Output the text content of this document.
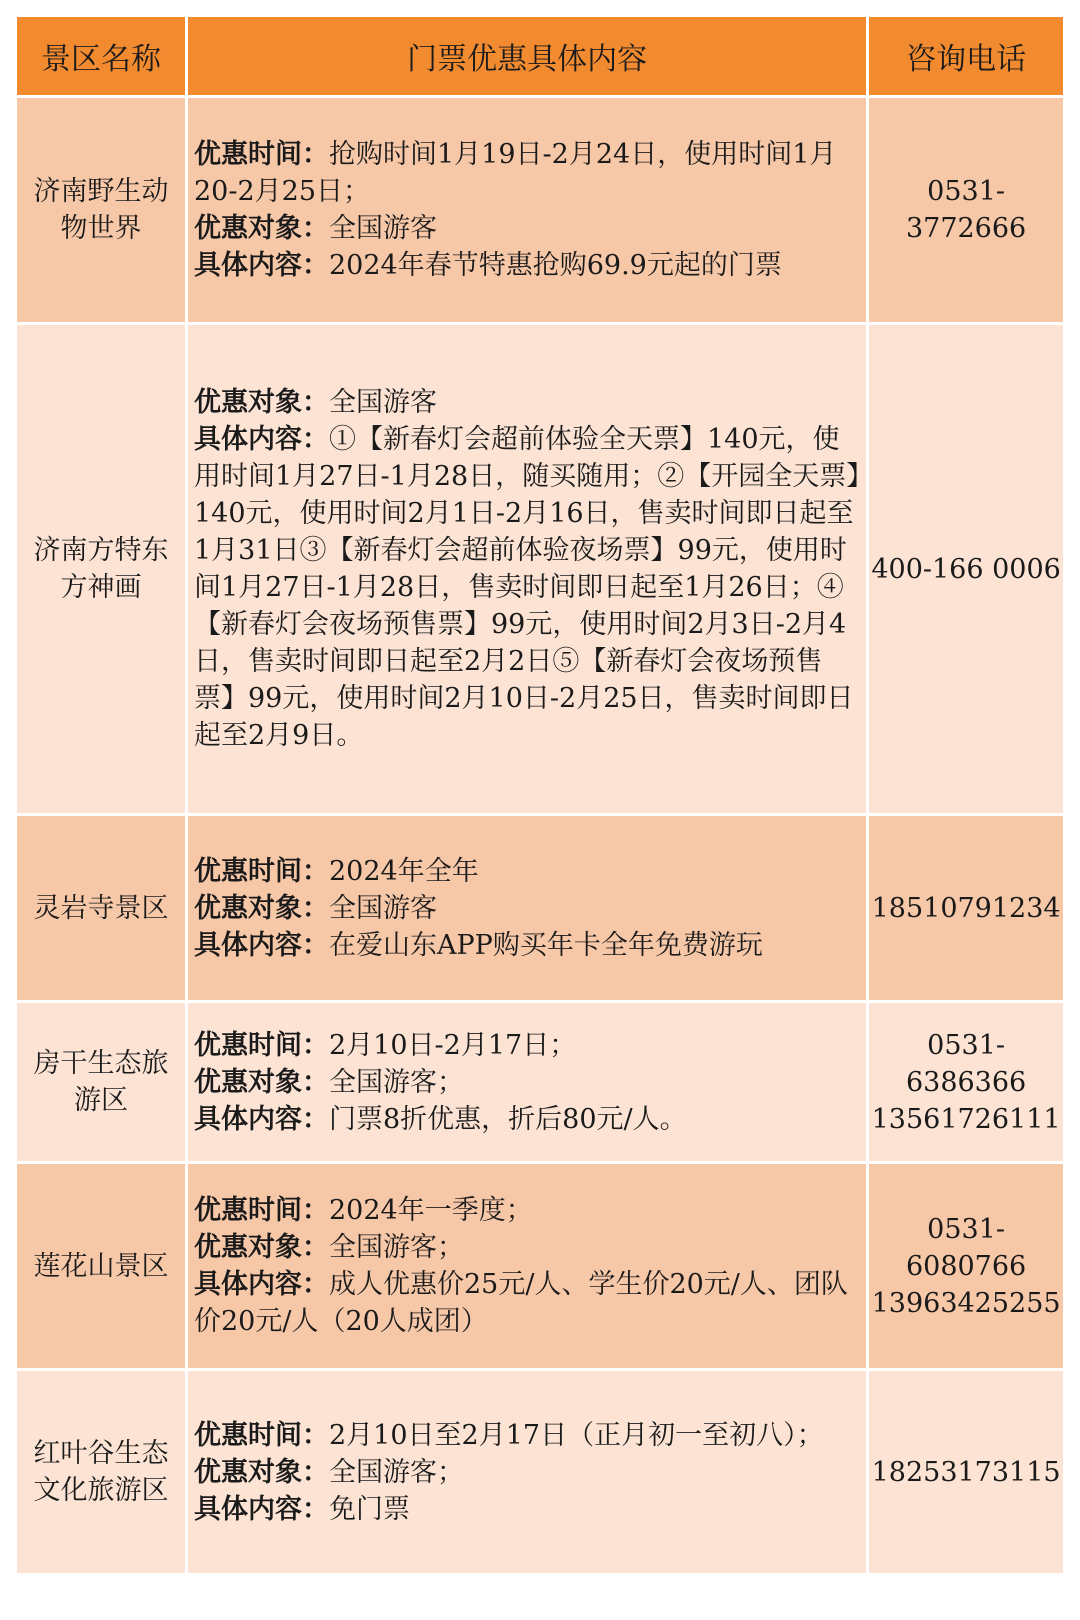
景区名称	门票优惠具体内容	咨询电话
济南野生动物世界	优惠时间：抢购时间1月19日-2月24日，使用时间1月20-2月25日；
优惠对象：全国游客
具体内容：2024年春节特惠抢购69.9元起的门票	0531-3772666

济南方特东方神画	优惠对象：全国游客
具体内容：①【新春灯会超前体验全天票】140元，使用时间1月27日-1月28日，随买随用；②【开园全天票】140元，使用时间2月1日-2月16日，售卖时间即日起至1月31日③【新春灯会超前体验夜场票】99元，使用时间1月27日-1月28日，售卖时间即日起至1月26日；④【新春灯会夜场预售票】99元，使用时间2月3日-2月4日，售卖时间即日起至2月2日⑤【新春灯会夜场预售票】99元，使用时间2月10日-2月25日，售卖时间即日起至2月9日。	400-166 0006

灵岩寺景区	优惠时间：2024年全年
优惠对象：全国游客
具体内容：在爱山东APP购买年卡全年免费游玩	18510791234

房干生态旅游区	优惠时间：2月10日-2月17日；
优惠对象：全国游客；
具体内容：门票8折优惠，折后80元/人。	0531-6386366
13561726111

莲花山景区	优惠时间：2024年一季度；
优惠对象：全国游客；
具体内容：成人优惠价25元/人、学生价20元/人、团队价20元/人（20人成团）	0531-6080766
13963425255

红叶谷生态文化旅游区	优惠时间：2月10日至2月17日（正月初一至初八）；
优惠对象：全国游客；
具体内容：免门票	18253173115
